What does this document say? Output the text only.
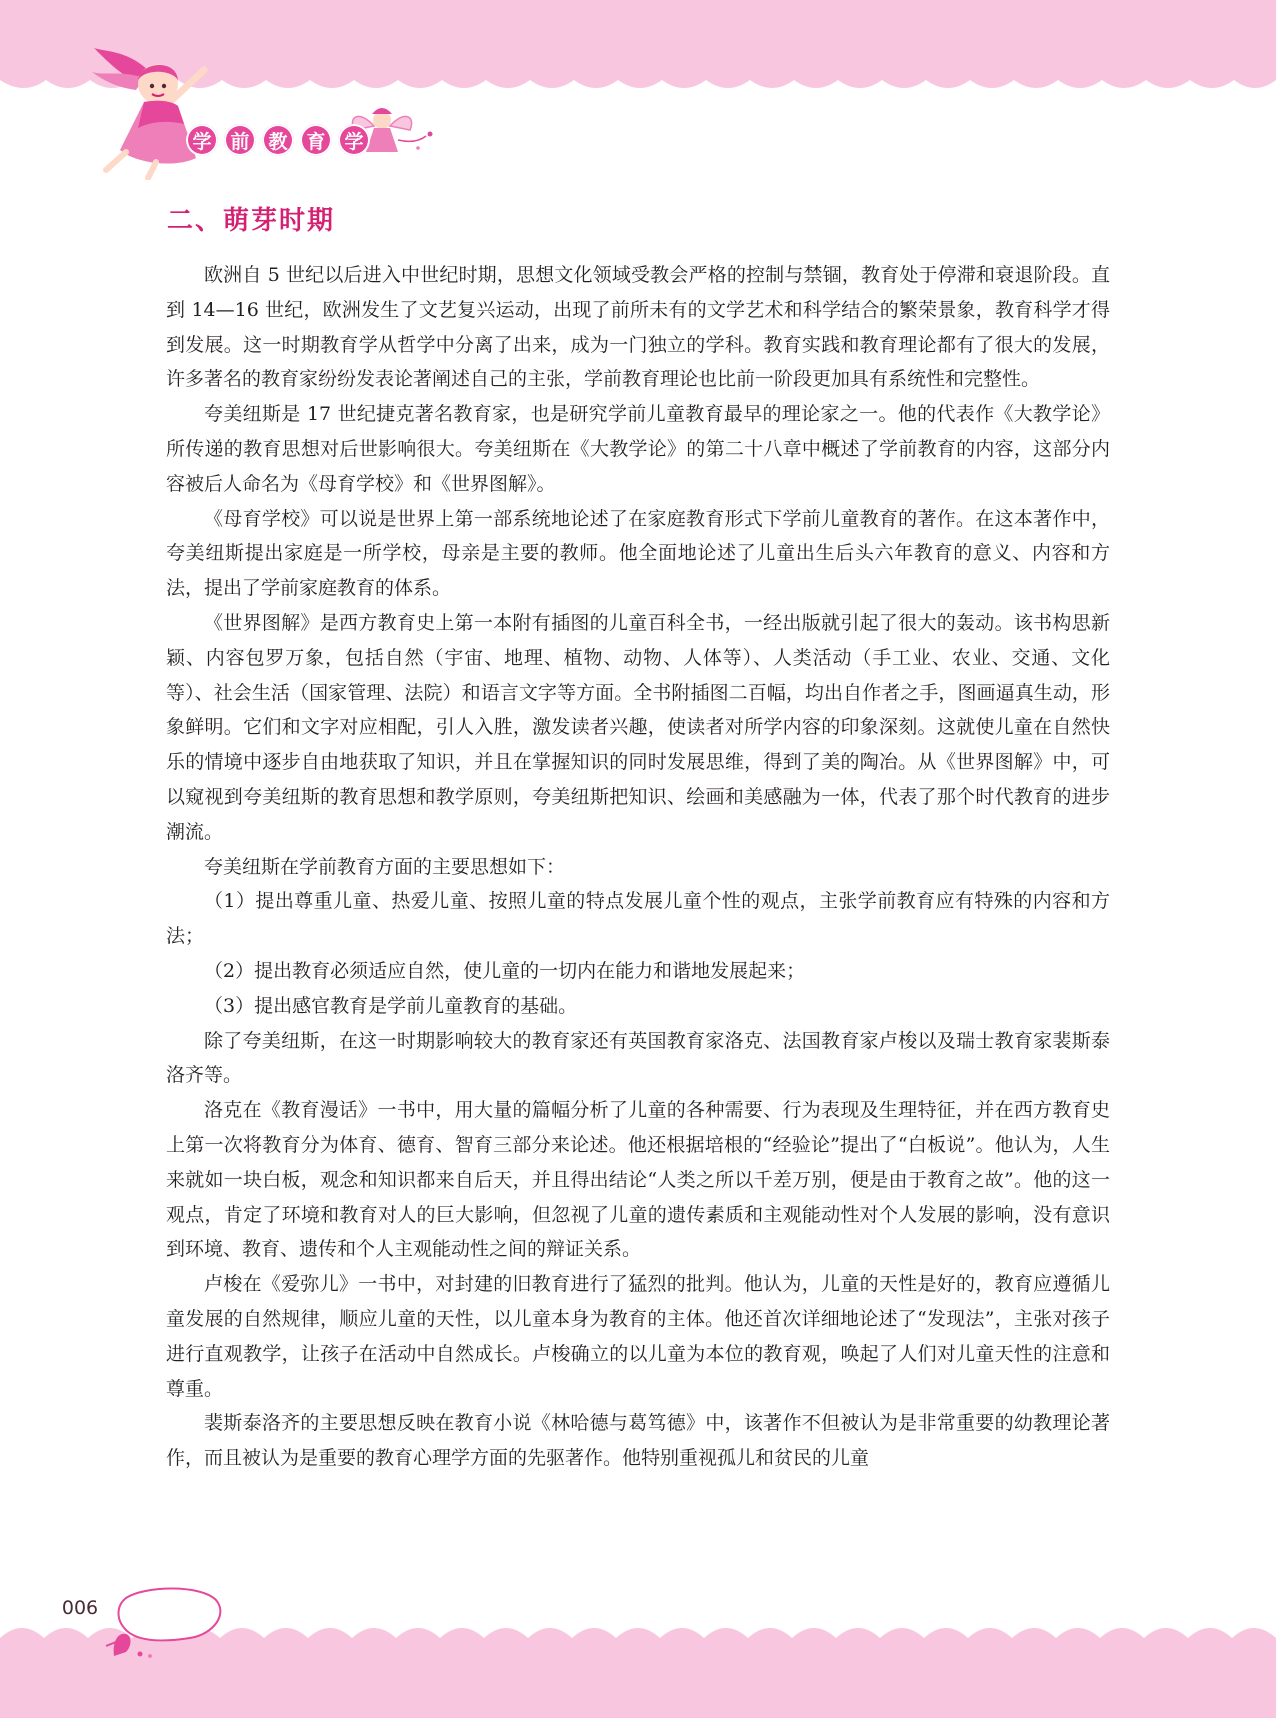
学 前 教 育 学
二、萌芽时期

欧洲自 5 世纪以后进入中世纪时期，思想文化领域受教会严格的控制与禁锢，教育处于停滞和衰退阶段。直到 14—16 世纪，欧洲发生了文艺复兴运动，出现了前所未有的文学艺术和科学结合的繁荣景象，教育科学才得到发展。这一时期教育学从哲学中分离了出来，成为一门独立的学科。教育实践和教育理论都有了很大的发展，许多著名的教育家纷纷发表论著阐述自己的主张，学前教育理论也比前一阶段更加具有系统性和完整性。

夸美纽斯是 17 世纪捷克著名教育家，也是研究学前儿童教育最早的理论家之一。他的代表作《大教学论》所传递的教育思想对后世影响很大。夸美纽斯在《大教学论》的第二十八章中概述了学前教育的内容，这部分内容被后人命名为《母育学校》和《世界图解》。

《母育学校》可以说是世界上第一部系统地论述了在家庭教育形式下学前儿童教育的著作。在这本著作中，夸美纽斯提出家庭是一所学校，母亲是主要的教师。他全面地论述了儿童出生后头六年教育的意义、内容和方法，提出了学前家庭教育的体系。

《世界图解》是西方教育史上第一本附有插图的儿童百科全书，一经出版就引起了很大的轰动。该书构思新颖、内容包罗万象，包括自然（宇宙、地理、植物、动物、人体等）、人类活动（手工业、农业、交通、文化等）、社会生活（国家管理、法院）和语言文字等方面。全书附插图二百幅，均出自作者之手，图画逼真生动，形象鲜明。它们和文字对应相配，引人入胜，激发读者兴趣，使读者对所学内容的印象深刻。这就使儿童在自然快乐的情境中逐步自由地获取了知识，并且在掌握知识的同时发展思维，得到了美的陶冶。从《世界图解》中，可以窥视到夸美纽斯的教育思想和教学原则，夸美纽斯把知识、绘画和美感融为一体，代表了那个时代教育的进步潮流。

夸美纽斯在学前教育方面的主要思想如下：

（1）提出尊重儿童、热爱儿童、按照儿童的特点发展儿童个性的观点，主张学前教育应有特殊的内容和方法；

（2）提出教育必须适应自然，使儿童的一切内在能力和谐地发展起来；

（3）提出感官教育是学前儿童教育的基础。

除了夸美纽斯，在这一时期影响较大的教育家还有英国教育家洛克、法国教育家卢梭以及瑞士教育家裴斯泰洛齐等。

洛克在《教育漫话》一书中，用大量的篇幅分析了儿童的各种需要、行为表现及生理特征，并在西方教育史上第一次将教育分为体育、德育、智育三部分来论述。他还根据培根的“经验论”提出了“白板说”。他认为，人生来就如一块白板，观念和知识都来自后天，并且得出结论“人类之所以千差万别，便是由于教育之故”。他的这一观点，肯定了环境和教育对人的巨大影响，但忽视了儿童的遗传素质和主观能动性对个人发展的影响，没有意识到环境、教育、遗传和个人主观能动性之间的辩证关系。

卢梭在《爱弥儿》一书中，对封建的旧教育进行了猛烈的批判。他认为，儿童的天性是好的，教育应遵循儿童发展的自然规律，顺应儿童的天性，以儿童本身为教育的主体。他还首次详细地论述了“发现法”，主张对孩子进行直观教学，让孩子在活动中自然成长。卢梭确立的以儿童为本位的教育观，唤起了人们对儿童天性的注意和尊重。

裴斯泰洛齐的主要思想反映在教育小说《林哈德与葛笃德》中，该著作不但被认为是非常重要的幼教理论著作，而且被认为是重要的教育心理学方面的先驱著作。他特别重视孤儿和贫民的儿童

006
